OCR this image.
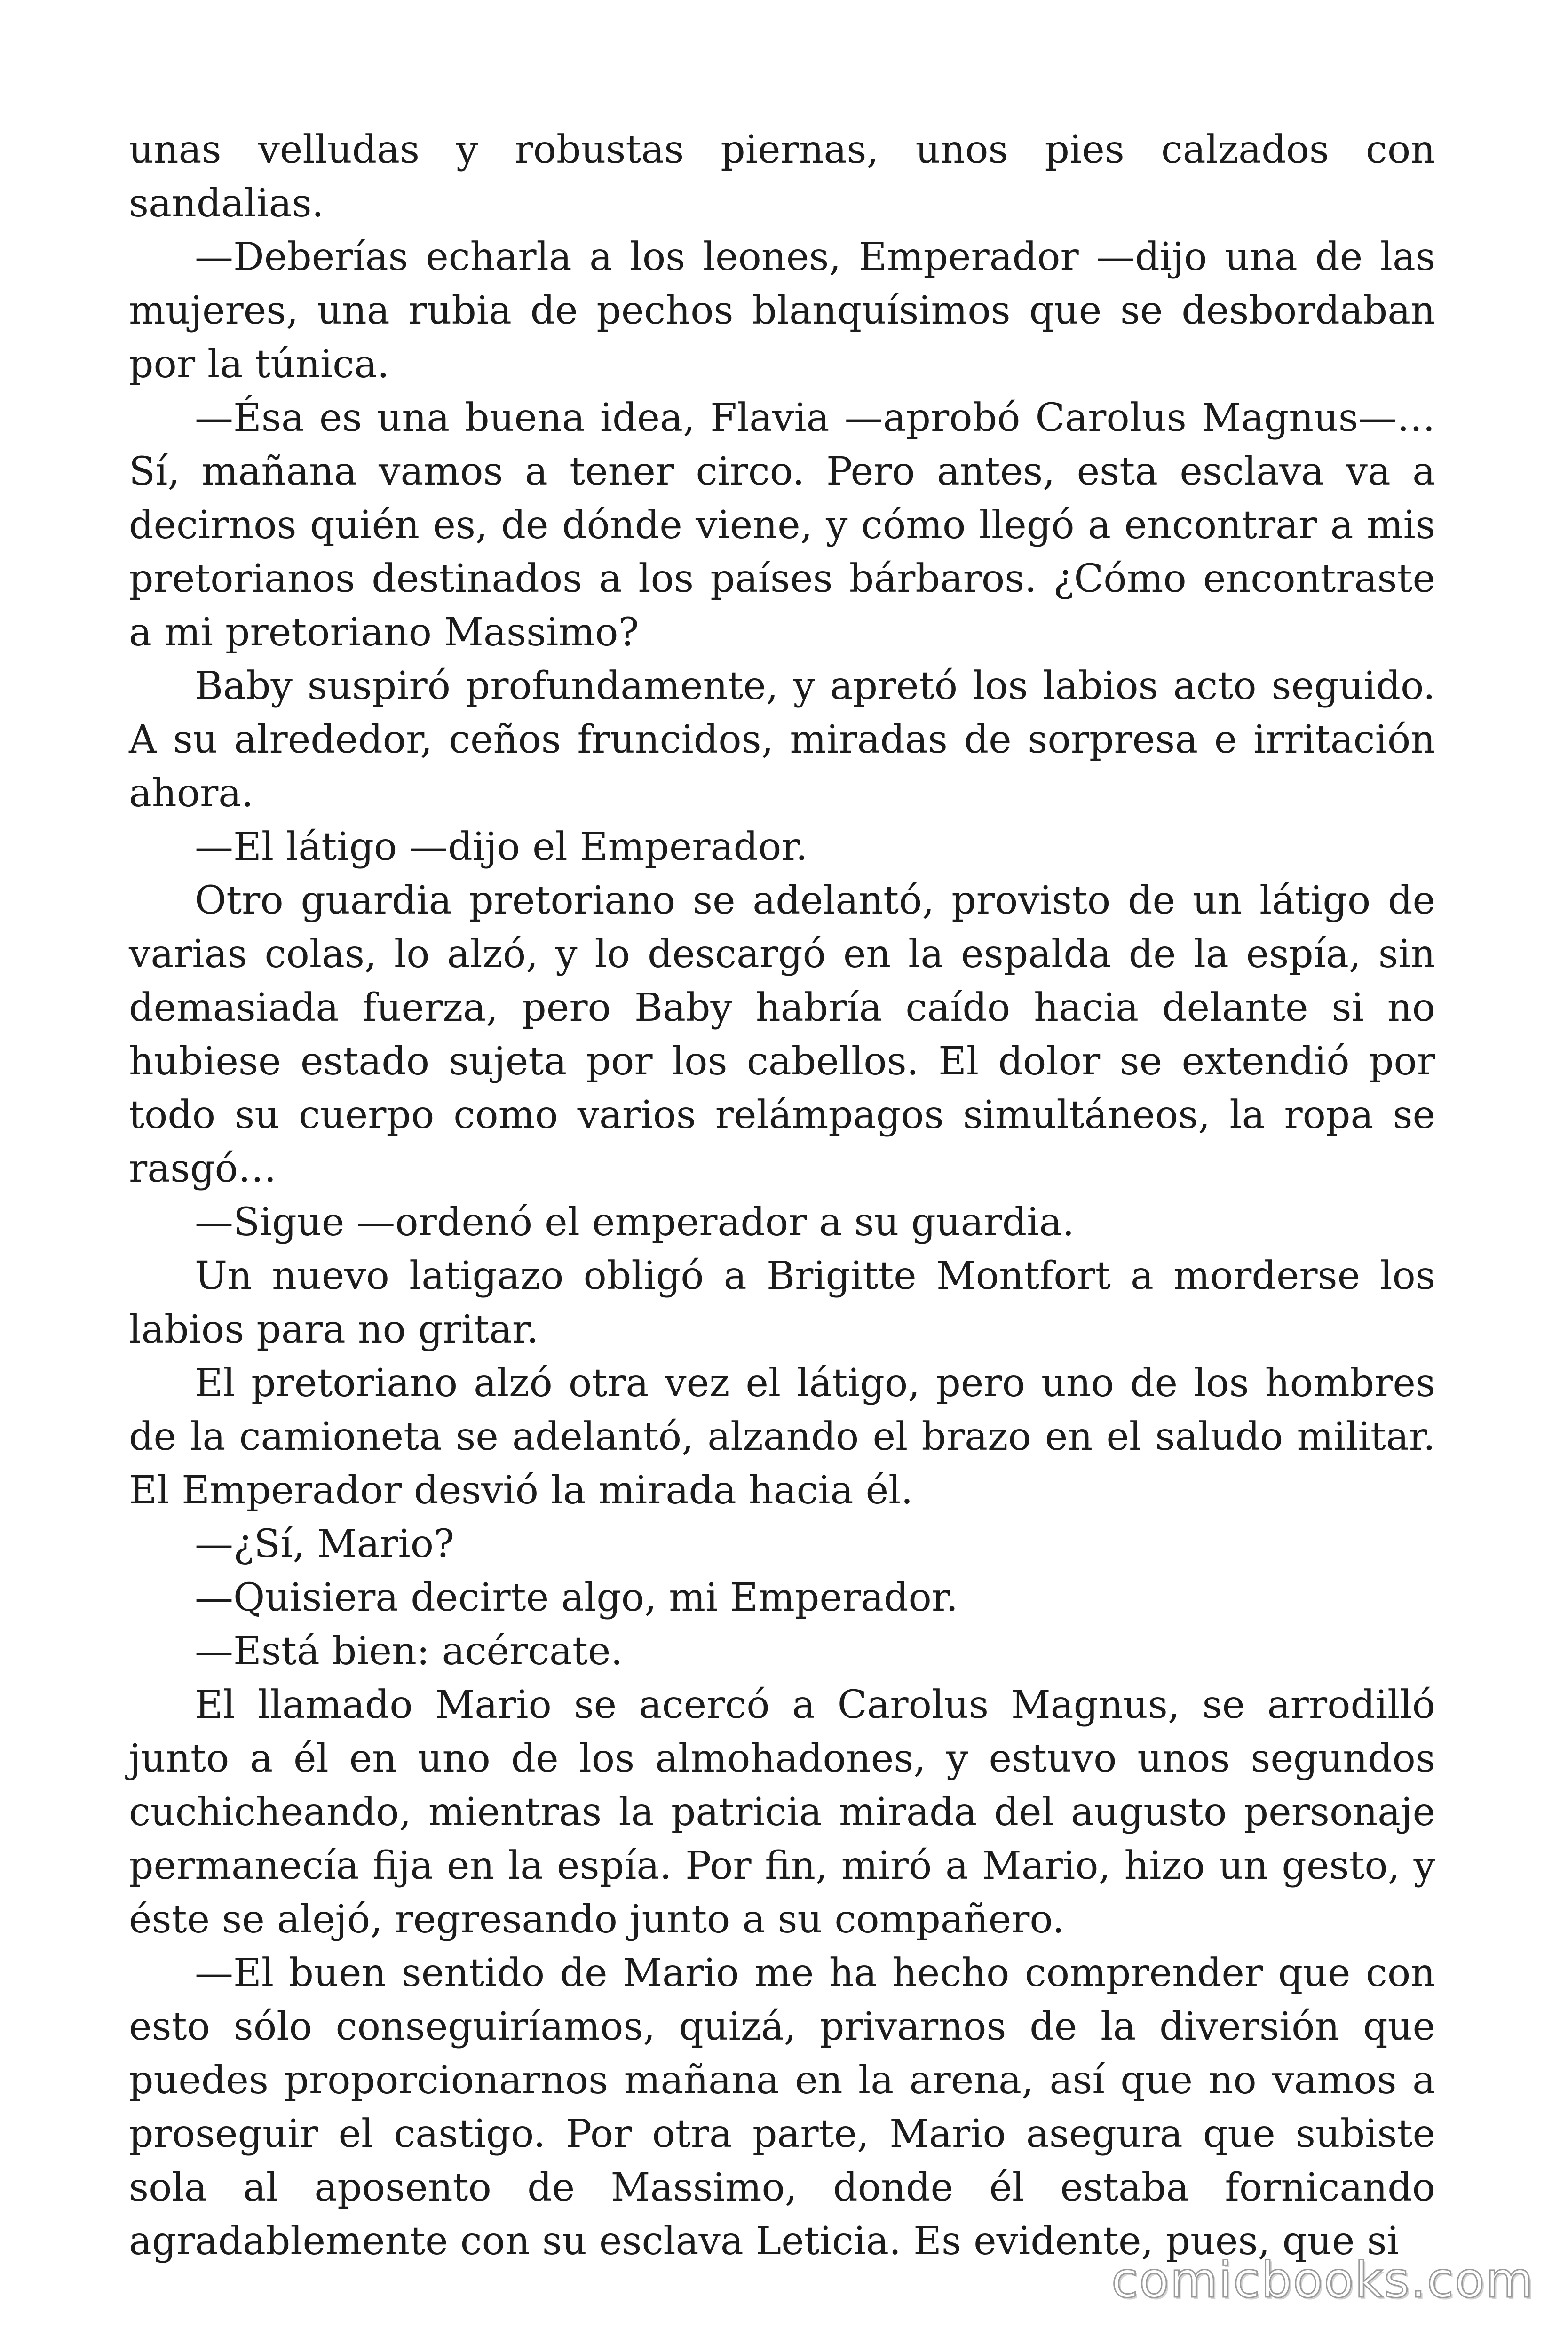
unas velludas y robustas piernas, unos pies calzados con sandalias.

—Deberías echarla a los leones, Emperador —dijo una de las mujeres, una rubia de pechos blanquísimos que se desbordaban por la túnica.

—Ésa es una buena idea, Flavia —aprobó Carolus Magnus—… Sí, mañana vamos a tener circo. Pero antes, esta esclava va a decirnos quién es, de dónde viene, y cómo llegó a encontrar a mis pretorianos destinados a los países bárbaros. ¿Cómo encontraste a mi pretoriano Massimo?

Baby suspiró profundamente, y apretó los labios acto seguido. A su alrededor, ceños fruncidos, miradas de sorpresa e irritación ahora.

—El látigo —dijo el Emperador.

Otro guardia pretoriano se adelantó, provisto de un látigo de varias colas, lo alzó, y lo descargó en la espalda de la espía, sin demasiada fuerza, pero Baby habría caído hacia delante si no hubiese estado sujeta por los cabellos. El dolor se extendió por todo su cuerpo como varios relámpagos simultáneos, la ropa se rasgó…

—Sigue —ordenó el emperador a su guardia.

Un nuevo latigazo obligó a Brigitte Montfort a morderse los labios para no gritar.

El pretoriano alzó otra vez el látigo, pero uno de los hombres de la camioneta se adelantó, alzando el brazo en el saludo militar. El Emperador desvió la mirada hacia él.

—¿Sí, Mario?

—Quisiera decirte algo, mi Emperador.

—Está bien: acércate.

El llamado Mario se acercó a Carolus Magnus, se arrodilló junto a él en uno de los almohadones, y estuvo unos segundos cuchicheando, mientras la patricia mirada del augusto personaje permanecía fija en la espía. Por fin, miró a Mario, hizo un gesto, y éste se alejó, regresando junto a su compañero.

—El buen sentido de Mario me ha hecho comprender que con esto sólo conseguiríamos, quizá, privarnos de la diversión que puedes proporcionarnos mañana en la arena, así que no vamos a proseguir el castigo. Por otra parte, Mario asegura que subiste sola al aposento de Massimo, donde él estaba fornicando agradablemente con su esclava Leticia. Es evidente, pues, que si

comicbooks.com
